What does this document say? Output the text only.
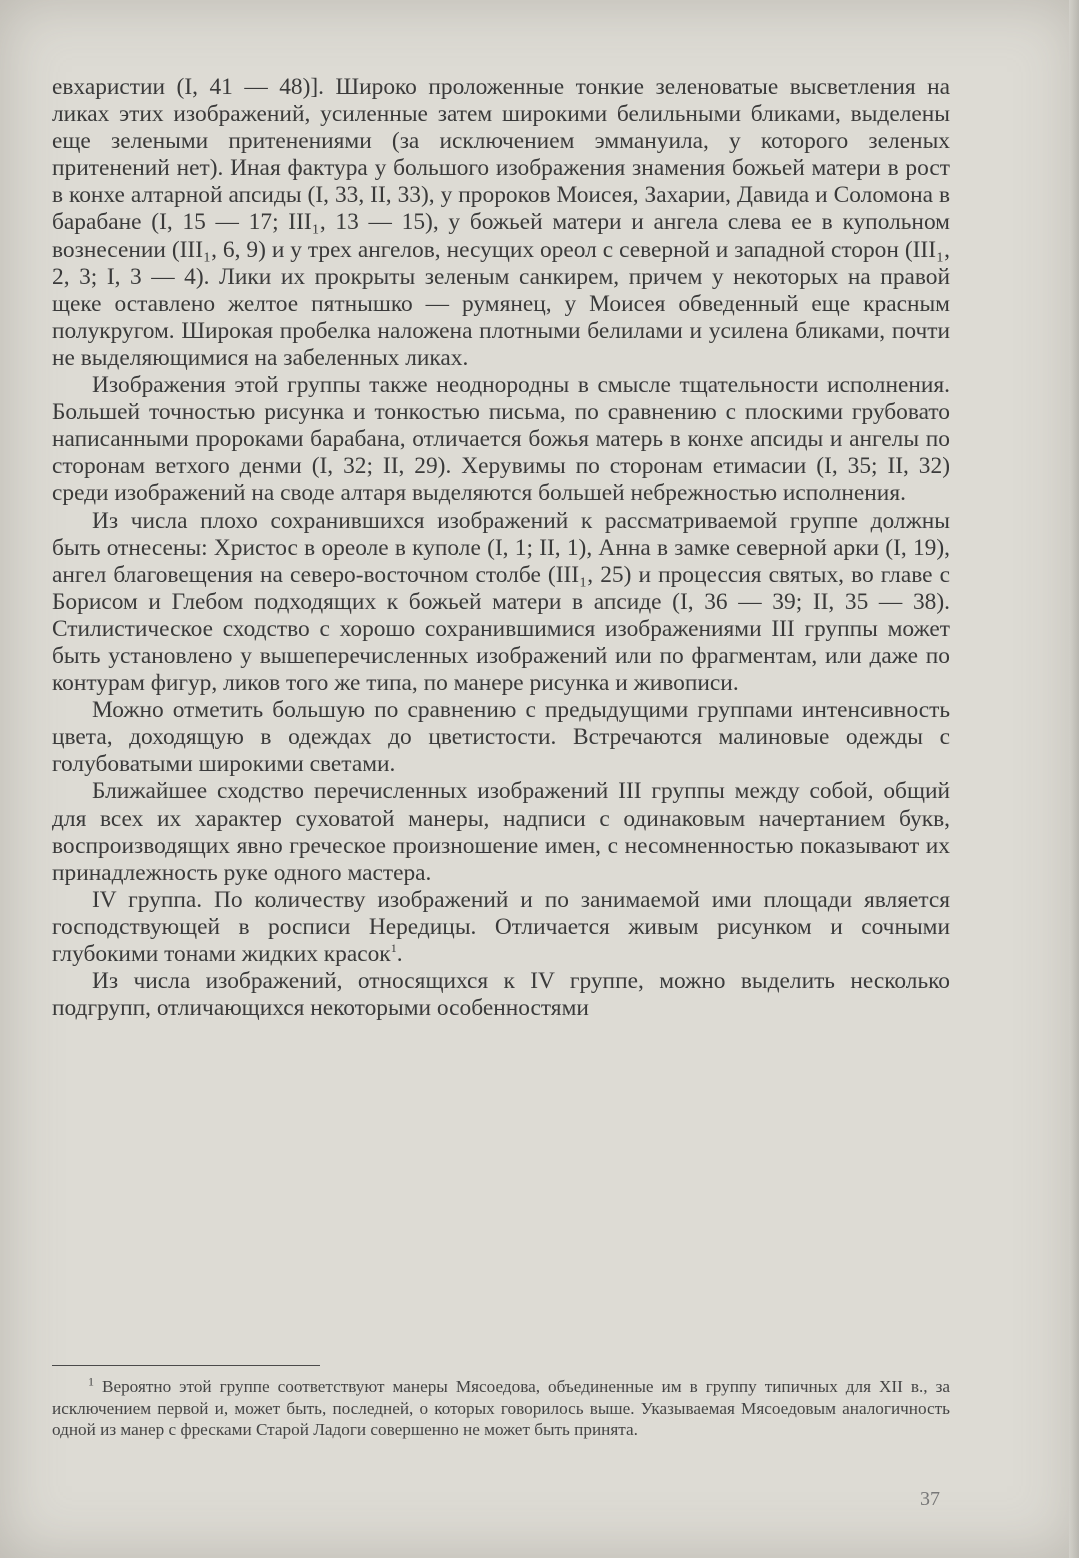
евхаристии (I, 41 — 48)]. Широко проложенные тонкие зеленоватые высветления на ликах этих изображений, усиленные затем широкими белильными бликами, выделены еще зелеными притенениями (за исключением эммануила, у которого зеленых притенений нет). Иная фактура у большого изображения знамения божьей матери в рост в конхе алтарной апсиды (I, 33, II, 33), у пророков Моисея, Захарии, Давида и Соломона в барабане (I, 15 — 17; III₁, 13 — 15), у божьей матери и ангела слева ее в купольном вознесении (III₁, 6, 9) и у трех ангелов, несущих ореол с северной и западной сторон (III₁, 2, 3; I, 3 — 4). Лики их прокрыты зеленым санкирем, причем у некоторых на правой щеке оставлено желтое пятнышко — румянец, у Моисея обведенный еще красным полукругом. Широкая пробелка наложена плотными белилами и усилена бликами, почти не выделяющимися на забеленных ликах.

Изображения этой группы также неоднородны в смысле тщательности исполнения. Большей точностью рисунка и тонкостью письма, по сравнению с плоскими грубовато написанными пророками барабана, отличается божья матерь в конхе апсиды и ангелы по сторонам ветхого денми (I, 32; II, 29). Херувимы по сторонам етимасии (I, 35; II, 32) среди изображений на своде алтаря выделяются большей небрежностью исполнения.

Из числа плохо сохранившихся изображений к рассматриваемой группе должны быть отнесены: Христос в ореоле в куполе (I, 1; II, 1), Анна в замке северной арки (I, 19), ангел благовещения на северо-восточном столбе (III₁, 25) и процессия святых, во главе с Борисом и Глебом подходящих к божьей матери в апсиде (I, 36 — 39; II, 35 — 38). Стилистическое сходство с хорошо сохранившимися изображениями III группы может быть установлено у вышеперечисленных изображений или по фрагментам, или даже по контурам фигур, ликов того же типа, по манере рисунка и живописи.

Можно отметить большую по сравнению с предыдущими группами интенсивность цвета, доходящую в одеждах до цветистости. Встречаются малиновые одежды с голубоватыми широкими светами.

Ближайшее сходство перечисленных изображений III группы между собой, общий для всех их характер суховатой манеры, надписи с одинаковым начертанием букв, воспроизводящих явно греческое произношение имен, с несомненностью показывают их принадлежность руке одного мастера.

IV группа. По количеству изображений и по занимаемой ими площади является господствующей в росписи Нередицы. Отличается живым рисунком и сочными глубокими тонами жидких красок$^1$.

Из числа изображений, относящихся к IV группе, можно выделить несколько подгрупп, отличающихся некоторыми особенностями

$^1$ Вероятно этой группе соответствуют манеры Мясоедова, объединенные им в группу типичных для XII в., за исключением первой и, может быть, последней, о которых говорилось выше. Указываемая Мясоедовым аналогичность одной из манер с фресками Старой Ладоги совершенно не может быть принята.

37
